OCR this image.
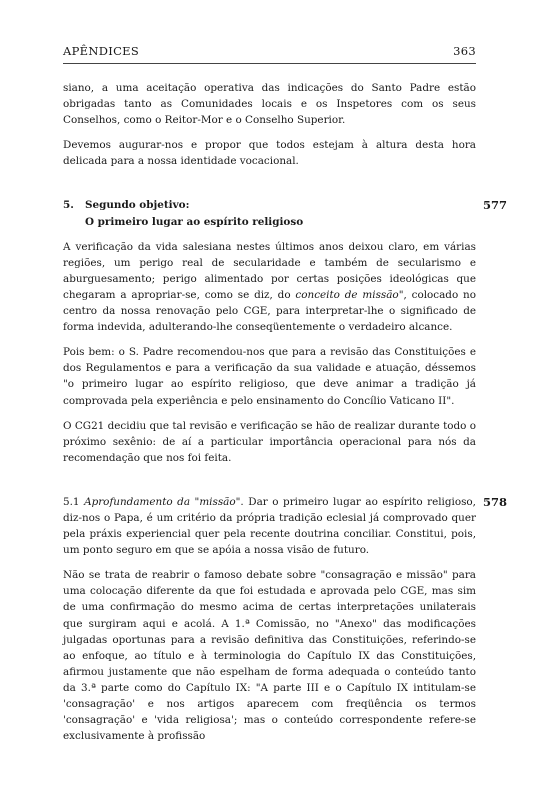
APÊNDICES	363

siano, a uma aceitação operativa das indicações do Santo Padre estão obrigadas tanto as Comunidades locais e os Inspetores com os seus Conselhos, como o Reitor-Mor e o Conselho Superior.

Devemos augurar-nos e propor que todos estejam à altura desta hora delicada para a nossa identidade vocacional.

5. Segundo objetivo:
O primeiro lugar ao espírito religioso
577

A verificação da vida salesiana nestes últimos anos deixou claro, em várias regiões, um perigo real de secularidade e também de secularismo e aburguesamento; perigo alimentado por certas posições ideológicas que chegaram a apropriar-se, como se diz, do conceito de missão", colocado no centro da nossa renovação pelo CGE, para interpretar-lhe o significado de forma indevida, adulterando-lhe conseqüentemente o verdadeiro alcance.

Pois bem: o S. Padre recomendou-nos que para a revisão das Constituições e dos Regulamentos e para a verificação da sua validade e atuação, déssemos "o primeiro lugar ao espírito religioso, que deve animar a tradição já comprovada pela experiência e pelo ensinamento do Concílio Vaticano II".

O CG21 decidiu que tal revisão e verificação se hão de realizar durante todo o próximo sexênio: de aí a particular importância operacional para nós da recomendação que nos foi feita.

5.1 Aprofundamento da "missão". Dar o primeiro lugar ao espírito religioso, diz-nos o Papa, é um critério da própria tradição eclesial já comprovado quer pela práxis experiencial quer pela recente doutrina conciliar. Constitui, pois, um ponto seguro em que se apóia a nossa visão de futuro.

578

Não se trata de reabrir o famoso debate sobre "consagração e missão" para uma colocação diferente da que foi estudada e aprovada pelo CGE, mas sim de uma confirmação do mesmo acima de certas interpretações unilaterais que surgiram aqui e acolá. A 1.ª Comissão, no "Anexo" das modificações julgadas oportunas para a revisão definitiva das Constituições, referindo-se ao enfoque, ao título e à terminologia do Capítulo IX das Constituições, afirmou justamente que não espelham de forma adequada o conteúdo tanto da 3.ª parte como do Capítulo IX: "A parte III e o Capítulo IX intitulam-se 'consagração' e nos artigos aparecem com freqüência os termos 'consagração' e 'vida religiosa'; mas o conteúdo correspondente refere-se exclusivamente à profissão
